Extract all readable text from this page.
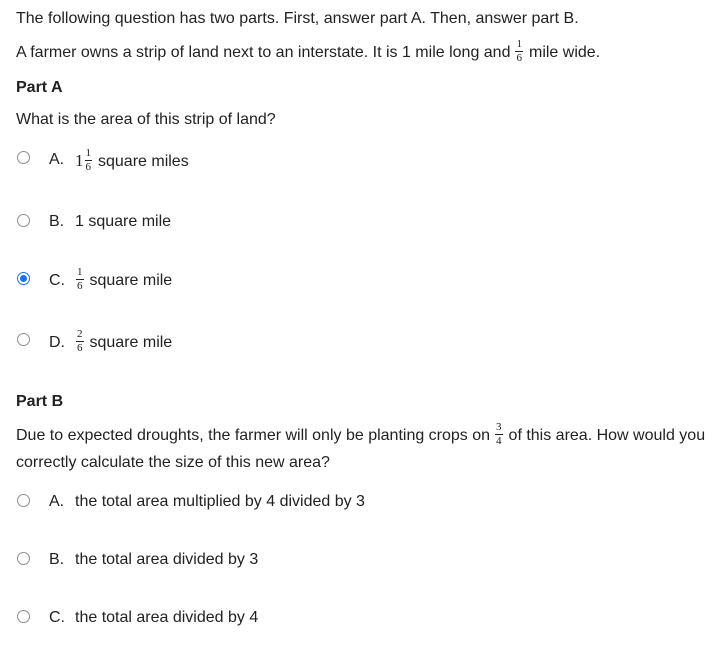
The following question has two parts. First, answer part A. Then, answer part B.
A farmer owns a strip of land next to an interstate. It is 1 mile long and $\frac{1}{6}$ mile wide.
Part A
What is the area of this strip of land?
A. $1 \frac{1}{6}$ square miles
B. 1 square mile
C. $\frac{1}{6}$ square mile
D. $\frac{2}{6}$ square mile
Part B
Due to expected droughts, the farmer will only be planting crops on $\frac{3}{4}$ of this area. How would you
correctly calculate the size of this new area?
A. the total area multiplied by 4 divided by 3
B. the total area divided by 3
C. the total area divided by 4
